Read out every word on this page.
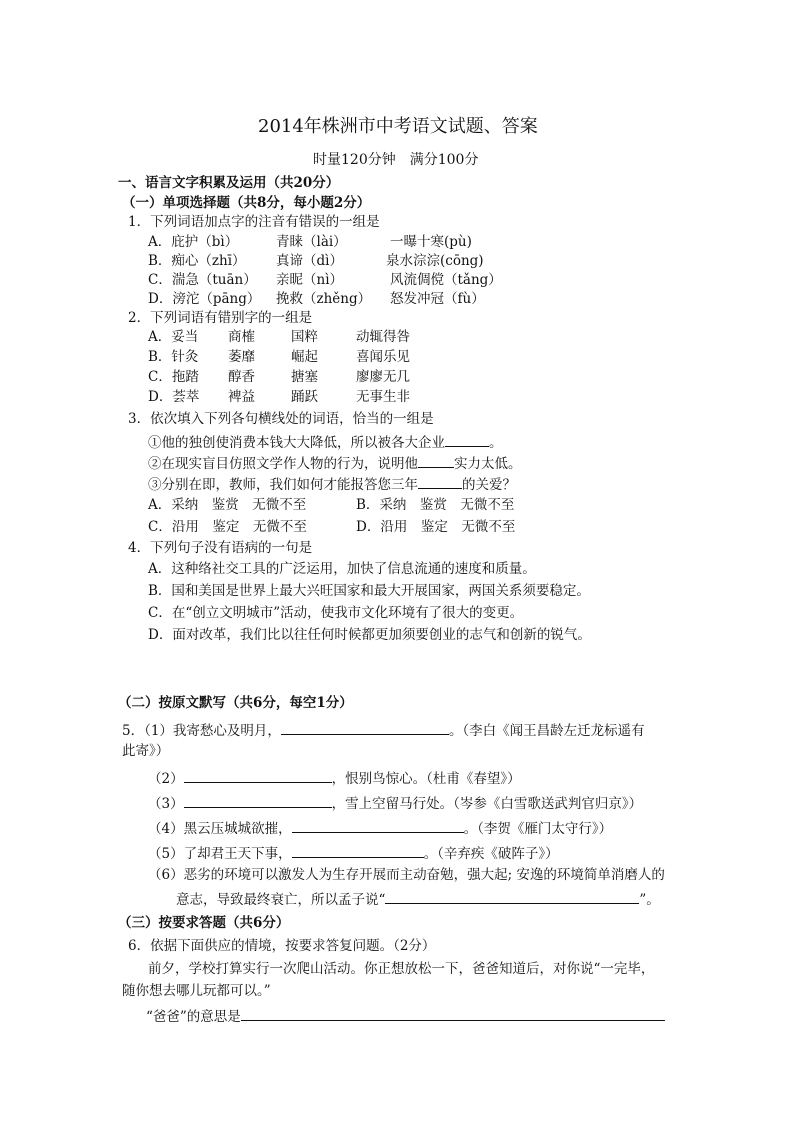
2014年株洲市中考语文试题、答案
时量120分钟　满分100分
一、语言文字积累及运用（共20分）
（一）单项选择题（共8分，每小题2分）
1．下列词语加点字的注音有错误的一组是
A．庇护（bì）	青睐（lài）	一曝十寒(pù)
B．痴心（zhī） 真谛（dì）	泉水淙淙(cōng)
C．湍急（tuān） 亲昵（nì）	风流倜傥（tǎng）
D．滂沱（pāng） 挽救（zhěng） 怒发冲冠（fù）
2．下列词语有错别字的一组是
A．妥当 商榷	国粹	动辄得咎
B．针灸 萎靡	崛起	喜闻乐见
C．拖踏 醇香	搪塞	廖廖无几
D．荟萃 裨益	踊跃	无事生非
3．依次填入下列各句横线处的词语，恰当的一组是
①他的独创使消费本钱大大降低，所以被各大企业	。
②在现实盲目仿照文学作人物的行为，说明他	实力太低。
③分别在即，教师，我们如何才能报答您三年	的关爱？
A．采纳　鉴赏　无微不至	B．采纳　鉴赏　无微不至
C．沿用　鉴定　无微不至	D．沿用　鉴定　无微不至
4．下列句子没有语病的一句是
A．这种络社交工具的广泛运用，加快了信息流通的速度和质量。
B．国和美国是世界上最大兴旺国家和最大开展国家，两国关系须要稳定。
C．在“创立文明城市”活动，使我市文化环境有了很大的变更。
D．面对改革，我们比以往任何时候都更加须要创业的志气和创新的锐气。
（二）按原文默写（共6分，每空1分）
5．（1）我寄愁心及明月，	。（李白《闻王昌龄左迁龙标遥有
此寄》）
（2）	，恨别鸟惊心。（杜甫《春望》）
（3）	，雪上空留马行处。（岑参《白雪歌送武判官归京》）
（4）黑云压城城欲摧，	。（李贺《雁门太守行》）
（5）了却君王天下事，	。（辛弃疾《破阵子》）
（6）恶劣的环境可以激发人为生存开展而主动奋勉，强大起; 安逸的环境简单消磨人的
意志，导致最终衰亡，所以孟子说“	”。
（三）按要求答题（共6分）
6．依据下面供应的情境，按要求答复问题。（2分）
前夕，学校打算实行一次爬山活动。你正想放松一下，爸爸知道后，对你说“一完毕，
随你想去哪儿玩都可以。”
“爸爸”的意思是
